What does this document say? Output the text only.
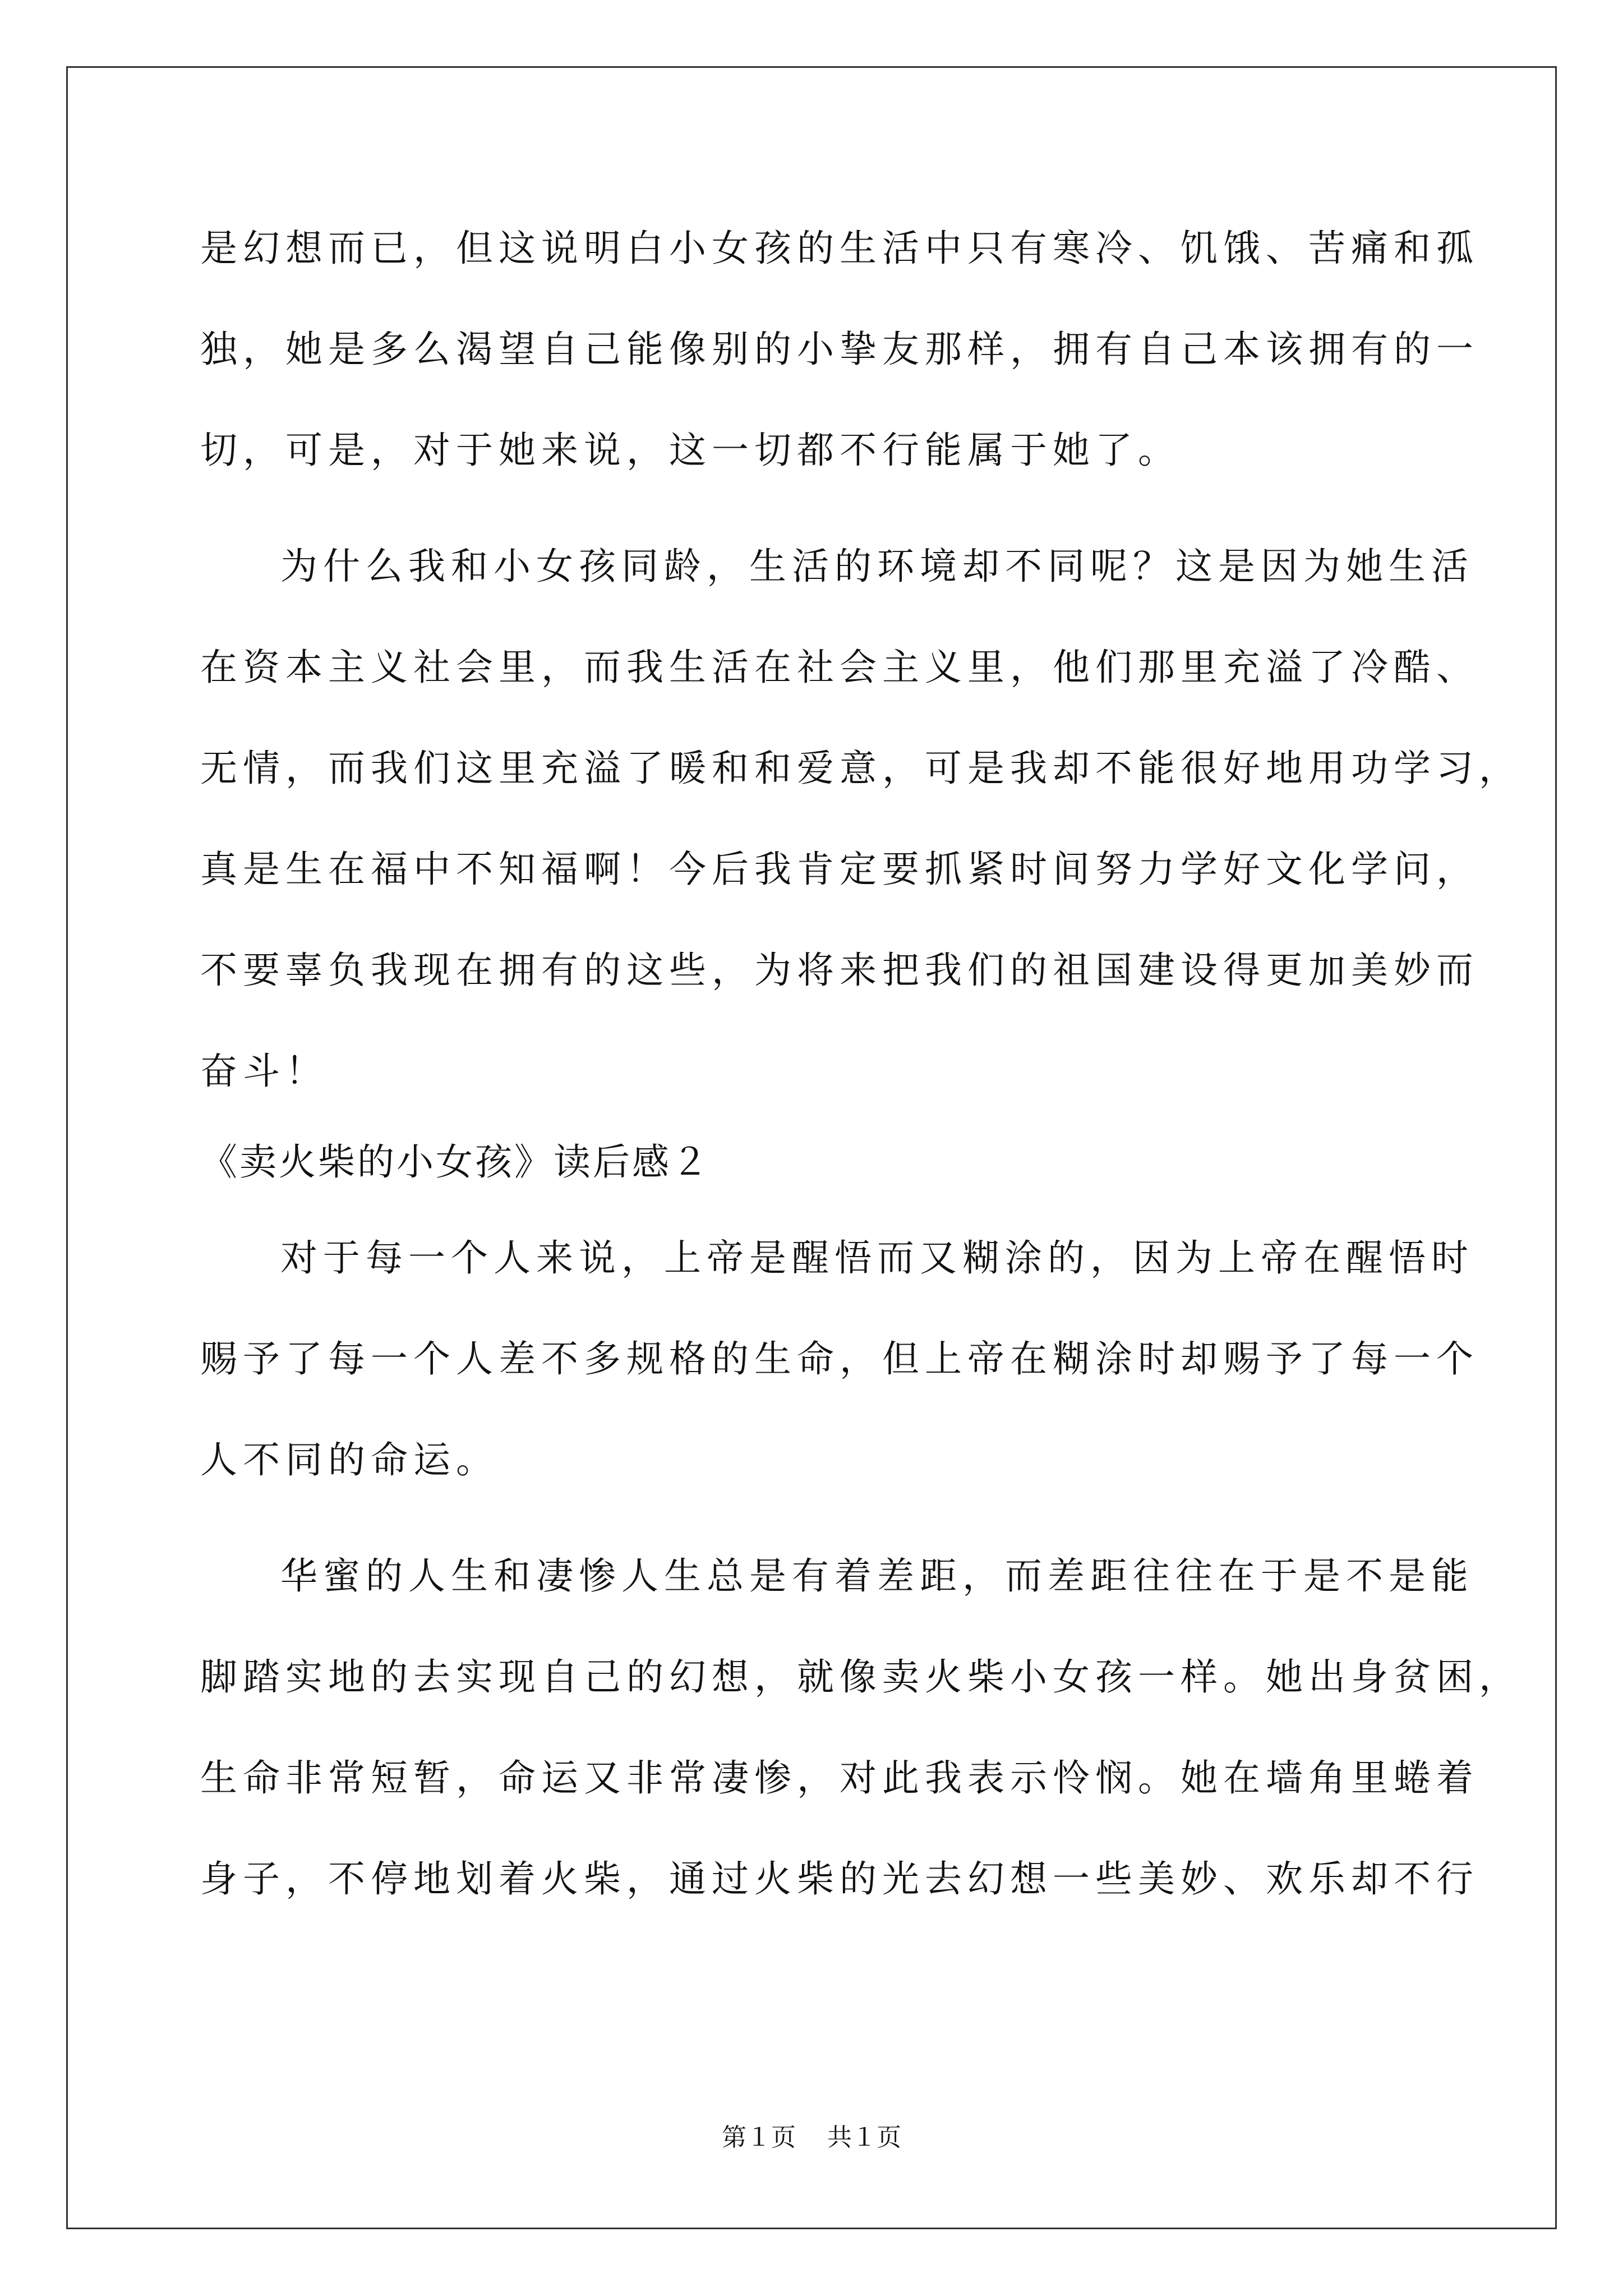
是幻想而已，但这说明白小女孩的生活中只有寒冷、饥饿、苦痛和孤
独，她是多么渴望自己能像别的小挚友那样，拥有自己本该拥有的一
切，可是，对于她来说，这一切都不行能属于她了。
为什么我和小女孩同龄，生活的环境却不同呢？这是因为她生活
在资本主义社会里，而我生活在社会主义里，他们那里充溢了冷酷、
无情，而我们这里充溢了暖和和爱意，可是我却不能很好地用功学习，
真是生在福中不知福啊！今后我肯定要抓紧时间努力学好文化学问，
不要辜负我现在拥有的这些，为将来把我们的祖国建设得更加美妙而
奋斗！
《卖火柴的小女孩》读后感２
对于每一个人来说，上帝是醒悟而又糊涂的，因为上帝在醒悟时
赐予了每一个人差不多规格的生命，但上帝在糊涂时却赐予了每一个
人不同的命运。
华蜜的人生和凄惨人生总是有着差距，而差距往往在于是不是能
脚踏实地的去实现自己的幻想，就像卖火柴小女孩一样。她出身贫困，
生命非常短暂，命运又非常凄惨，对此我表示怜悯。她在墙角里蜷着
身子，不停地划着火柴，通过火柴的光去幻想一些美妙、欢乐却不行
第１页 共１页
